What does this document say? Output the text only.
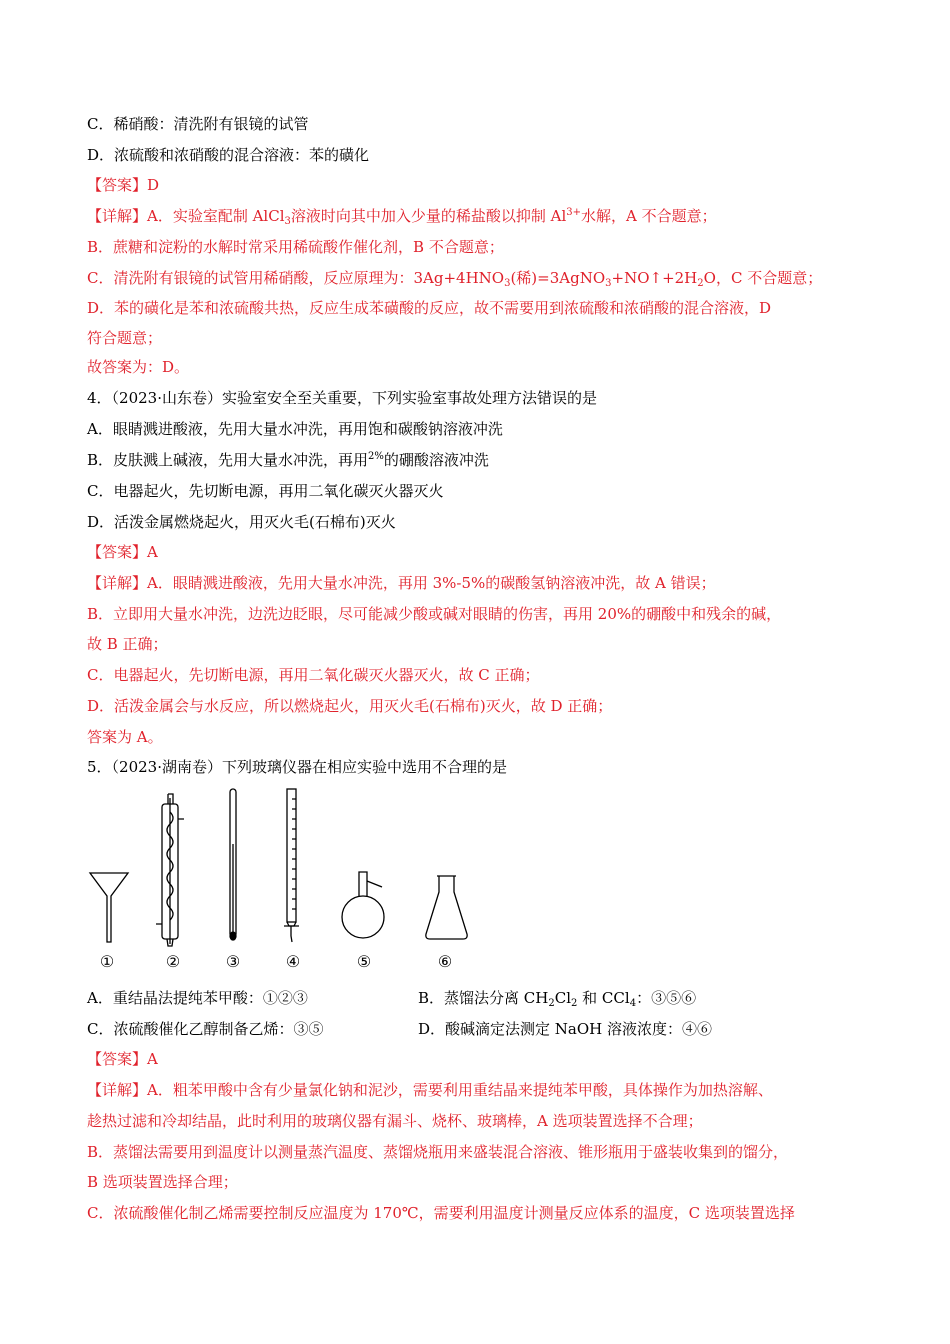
C．稀硝酸：清洗附有银镜的试管
D．浓硫酸和浓硝酸的混合溶液：苯的磺化
【答案】D
【详解】A．实验室配制 AlCl$_3$溶液时向其中加入少量的稀盐酸以抑制 $Al^{3+}$水解，A 不合题意；
B．蔗糖和淀粉的水解时常采用稀硫酸作催化剂，B 不合题意；
C．清洗附有银镜的试管用稀硝酸，反应原理为：$3Ag+4HNO_3$(稀)$=3AgNO_3+NO↑+2H_2O$，C 不合题意；
D．苯的磺化是苯和浓硫酸共热，反应生成苯磺酸的反应，故不需要用到浓硫酸和浓硝酸的混合溶液，D
符合题意；
故答案为：D。
4．（2023·山东卷）实验室安全至关重要，下列实验室事故处理方法错误的是
A．眼睛溅进酸液，先用大量水冲洗，再用饱和碳酸钠溶液冲洗
B．皮肤溅上碱液，先用大量水冲洗，再用$^{2\%}$的硼酸溶液冲洗
C．电器起火，先切断电源，再用二氧化碳灭火器灭火
D．活泼金属燃烧起火，用灭火毛(石棉布)灭火
【答案】A
【详解】A．眼睛溅进酸液，先用大量水冲洗，再用 3%-5%的碳酸氢钠溶液冲洗，故 A 错误；
B．立即用大量水冲洗，边洗边眨眼，尽可能减少酸或碱对眼睛的伤害，再用 20%的硼酸中和残余的碱，
故 B 正确；
C．电器起火，先切断电源，再用二氧化碳灭火器灭火，故 C 正确；
D．活泼金属会与水反应，所以燃烧起火，用灭火毛(石棉布)灭火，故 D 正确；
答案为 A。
5．（2023·湖南卷）下列玻璃仪器在相应实验中选用不合理的是
①	②	③	④	⑤	⑥
A．重结晶法提纯苯甲酸：①②③	B．蒸馏法分离 $CH_2Cl_2$ 和 CCl$_4$：③⑤⑥
C．浓硫酸催化乙醇制备乙烯：③⑤	D．酸碱滴定法测定 NaOH 溶液浓度：④⑥
【答案】A
【详解】A．粗苯甲酸中含有少量氯化钠和泥沙，需要利用重结晶来提纯苯甲酸，具体操作为加热溶解、
趁热过滤和冷却结晶，此时利用的玻璃仪器有漏斗、烧杯、玻璃棒，A 选项装置选择不合理；
B．蒸馏法需要用到温度计以测量蒸汽温度、蒸馏烧瓶用来盛装混合溶液、锥形瓶用于盛装收集到的馏分，
B 选项装置选择合理；
C．浓硫酸催化制乙烯需要控制反应温度为 170℃，需要利用温度计测量反应体系的温度，C 选项装置选择
